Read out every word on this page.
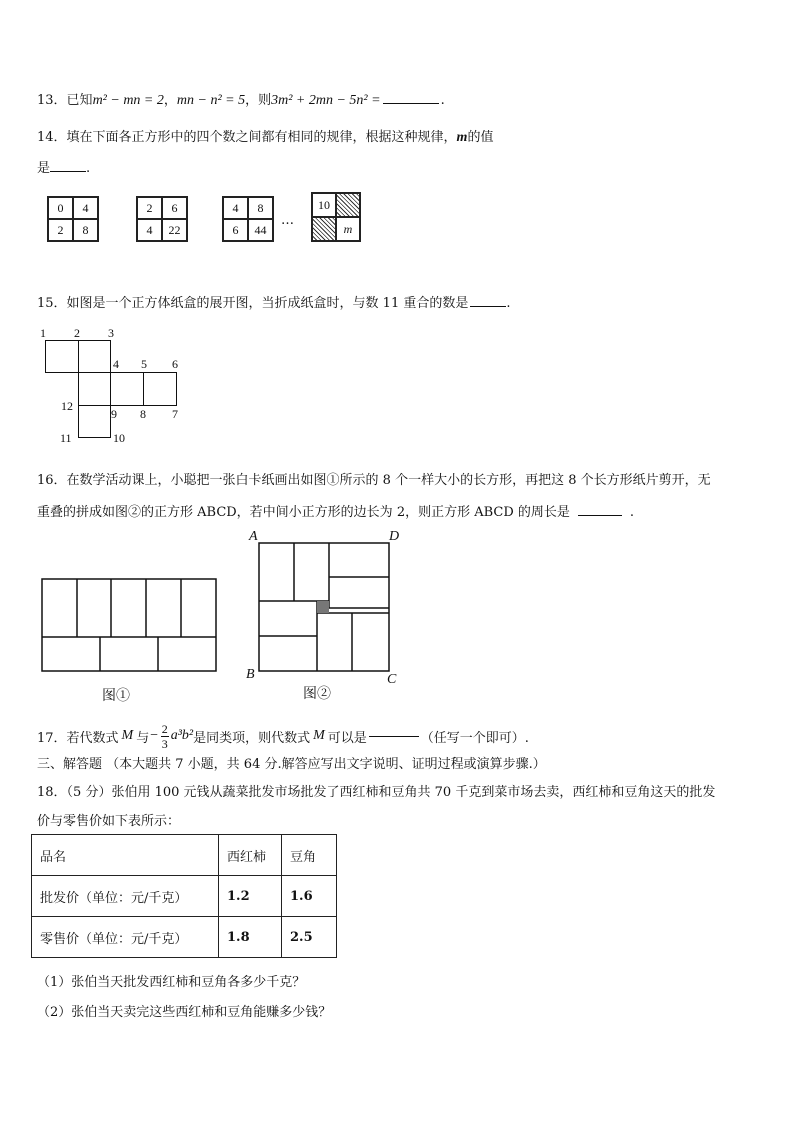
13．已知m² − mn = 2，mn − n² = 5，则3m² + 2mn − 5n² =	.
14．填在下面各正方形中的四个数之间都有相同的规律，根据这种规律，m的值
是	.
0	4
2	8
2	6
4	22
4	8
6	44
…
10
m
15．如图是一个正方体纸盒的展开图，当折成纸盒时，与数 11 重合的数是	.
1 2 3
4 5 6
12
9 8 7
11	10
16．在数学活动课上，小聪把一张白卡纸画出如图①所示的 8 个一样大小的长方形，再把这 8 个长方形纸片剪开，无
重叠的拼成如图②的正方形 ABCD，若中间小正方形的边长为 2，则正方形 ABCD 的周长是	.
图①
A	D
B	C
图②
17．若代数式 M 与 − $\frac{2}{3} a^3b^2$ 是同类项，则代数式 M 可以是	（任写一个即可）.
三、解答题 （本大题共 7 小题，共 64 分.解答应写出文字说明、证明过程或演算步骤.）
18．（5 分）张伯用 100 元钱从蔬菜批发市场批发了西红柿和豆角共 70 千克到菜市场去卖，西红柿和豆角这天的批发
价与零售价如下表所示：
品名	西红柿	豆角
批发价（单位：元/千克）	1.2	1.6
零售价（单位：元/千克）	1.8	2.5
（1）张伯当天批发西红柿和豆角各多少千克？
（2）张伯当天卖完这些西红柿和豆角能赚多少钱？
